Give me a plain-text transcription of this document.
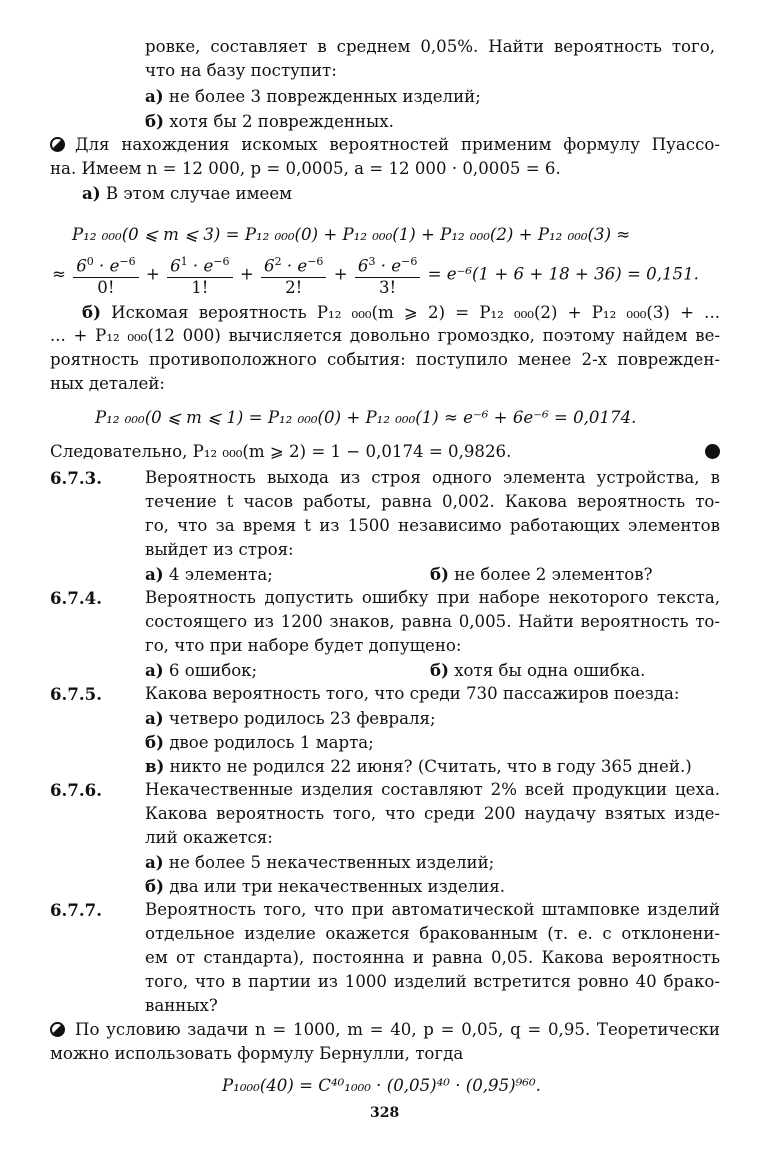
ровке, составляет в среднем 0,05%. Найти вероятность того,
что на базу поступит:
а) не более 3 поврежденных изделий;
б) хотя бы 2 поврежденных.
Для нахождения искомых вероятностей применим формулу Пуассо-
на. Имеем n = 12 000, p = 0,0005, a = 12 000 · 0,0005 = 6.
а) В этом случае имеем
P₁₂ ₀₀₀(0 ⩽ m ⩽ 3) = P₁₂ ₀₀₀(0) + P₁₂ ₀₀₀(1) + P₁₂ ₀₀₀(2) + P₁₂ ₀₀₀(3) ≈
≈ $\frac{6^0 \cdot e^{-6}}{0!} + \frac{6^1 \cdot e^{-6}}{1!} + \frac{6^2 \cdot e^{-6}}{2!} + \frac{6^3 \cdot e^{-6}}{3!} = e^{-6}(1 + 6 + 18 + 36) = 0,151$.
б) Искомая вероятность P₁₂ ₀₀₀(m ⩾ 2) = P₁₂ ₀₀₀(2) + P₁₂ ₀₀₀(3) + ...
... + P₁₂ ₀₀₀(12 000) вычисляется довольно громоздко, поэтому найдем ве-
роятность противоположного события: поступило менее 2-х поврежден-
ных деталей:
P₁₂ ₀₀₀(0 ⩽ m ⩽ 1) = P₁₂ ₀₀₀(0) + P₁₂ ₀₀₀(1) ≈ e⁻⁶ + 6e⁻⁶ = 0,0174.
Следовательно, P₁₂ ₀₀₀(m ⩾ 2) = 1 − 0,0174 = 0,9826.
6.7.3.	Вероятность выхода из строя одного элемента устройства, в
течение t часов работы, равна 0,002. Какова вероятность то-
го, что за время t из 1500 независимо работающих элементов
выйдет из строя:
а) 4 элемента;	б) не более 2 элементов?
6.7.4.	Вероятность допустить ошибку при наборе некоторого текста,
состоящего из 1200 знаков, равна 0,005. Найти вероятность то-
го, что при наборе будет допущено:
а) 6 ошибок;	б) хотя бы одна ошибка.
6.7.5.	Какова вероятность того, что среди 730 пассажиров поезда:
а) четверо родилось 23 февраля;
б) двое родилось 1 марта;
в) никто не родился 22 июня? (Считать, что в году 365 дней.)
6.7.6.	Некачественные изделия составляют 2% всей продукции цеха.
Какова вероятность того, что среди 200 наудачу взятых изде-
лий окажется:
а) не более 5 некачественных изделий;
б) два или три некачественных изделия.
6.7.7.	Вероятность того, что при автоматической штамповке изделий
отдельное изделие окажется бракованным (т. е. с отклонени-
ем от стандарта), постоянна и равна 0,05. Какова вероятность
того, что в партии из 1000 изделий встретится ровно 40 брако-
ванных?
По условию задачи n = 1000, m = 40, p = 0,05, q = 0,95. Теоретически
можно использовать формулу Бернулли, тогда
P₁₀₀₀(40) = C⁴⁰₁₀₀₀ · (0,05)⁴⁰ · (0,95)⁹⁶⁰.
328
